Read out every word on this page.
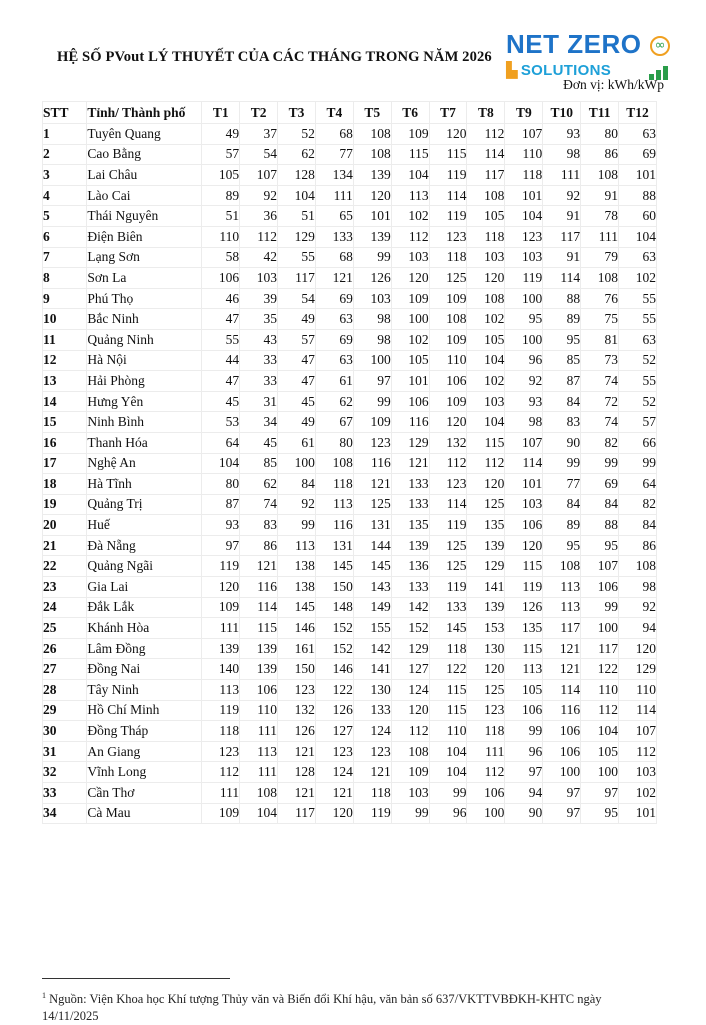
HỆ SỐ PVout LÝ THUYẾT CỦA CÁC THÁNG TRONG NĂM 2026 NET ZERO	∞
▙ SOLUTIONS
Đơn vị: kWh/kWp
STT	Tỉnh/ Thành phố	T1	T2	T3	T4	T5	T6	T7	T8	T9	T10	T11	T12
1	Tuyên Quang	49	37	52	68	108	109	120	112	107	93	80	63
2	Cao Bằng	57	54	62	77	108	115	115	114	110	98	86	69
3	Lai Châu	105	107	128	134	139	104	119	117	118	111	108	101
4	Lào Cai	89	92	104	111	120	113	114	108	101	92	91	88
5	Thái Nguyên	51	36	51	65	101	102	119	105	104	91	78	60
6	Điện Biên	110	112	129	133	139	112	123	118	123	117	111	104
7	Lạng Sơn	58	42	55	68	99	103	118	103	103	91	79	63
8	Sơn La	106	103	117	121	126	120	125	120	119	114	108	102
9	Phú Thọ	46	39	54	69	103	109	109	108	100	88	76	55
10	Bắc Ninh	47	35	49	63	98	100	108	102	95	89	75	55
11	Quảng Ninh	55	43	57	69	98	102	109	105	100	95	81	63
12	Hà Nội	44	33	47	63	100	105	110	104	96	85	73	52
13	Hải Phòng	47	33	47	61	97	101	106	102	92	87	74	55
14	Hưng Yên	45	31	45	62	99	106	109	103	93	84	72	52
15	Ninh Bình	53	34	49	67	109	116	120	104	98	83	74	57
16	Thanh Hóa	64	45	61	80	123	129	132	115	107	90	82	66
17	Nghệ An	104	85	100	108	116	121	112	112	114	99	99	99
18	Hà Tĩnh	80	62	84	118	121	133	123	120	101	77	69	64
19	Quảng Trị	87	74	92	113	125	133	114	125	103	84	84	82
20	Huế	93	83	99	116	131	135	119	135	106	89	88	84
21	Đà Nẵng	97	86	113	131	144	139	125	139	120	95	95	86
22	Quảng Ngãi	119	121	138	145	145	136	125	129	115	108	107	108
23	Gia Lai	120	116	138	150	143	133	119	141	119	113	106	98
24	Đắk Lắk	109	114	145	148	149	142	133	139	126	113	99	92
25	Khánh Hòa	111	115	146	152	155	152	145	153	135	117	100	94
26	Lâm Đồng	139	139	161	152	142	129	118	130	115	121	117	120
27	Đồng Nai	140	139	150	146	141	127	122	120	113	121	122	129
28	Tây Ninh	113	106	123	122	130	124	115	125	105	114	110	110
29	Hồ Chí Minh	119	110	132	126	133	120	115	123	106	116	112	114
30	Đồng Tháp	118	111	126	127	124	112	110	118	99	106	104	107
31	An Giang	123	113	121	123	123	108	104	111	96	106	105	112
32	Vĩnh Long	112	111	128	124	121	109	104	112	97	100	100	103
33	Cần Thơ	111	108	121	121	118	103	99	106	94	97	97	102
34	Cà Mau	109	104	117	120	119	99	96	100	90	97	95	101
$^1$ Nguồn: Viện Khoa học Khí tượng Thủy văn và Biến đổi Khí hậu, văn bản số 637/VKTTVBĐKH-KHTC ngày 14/11/2025
